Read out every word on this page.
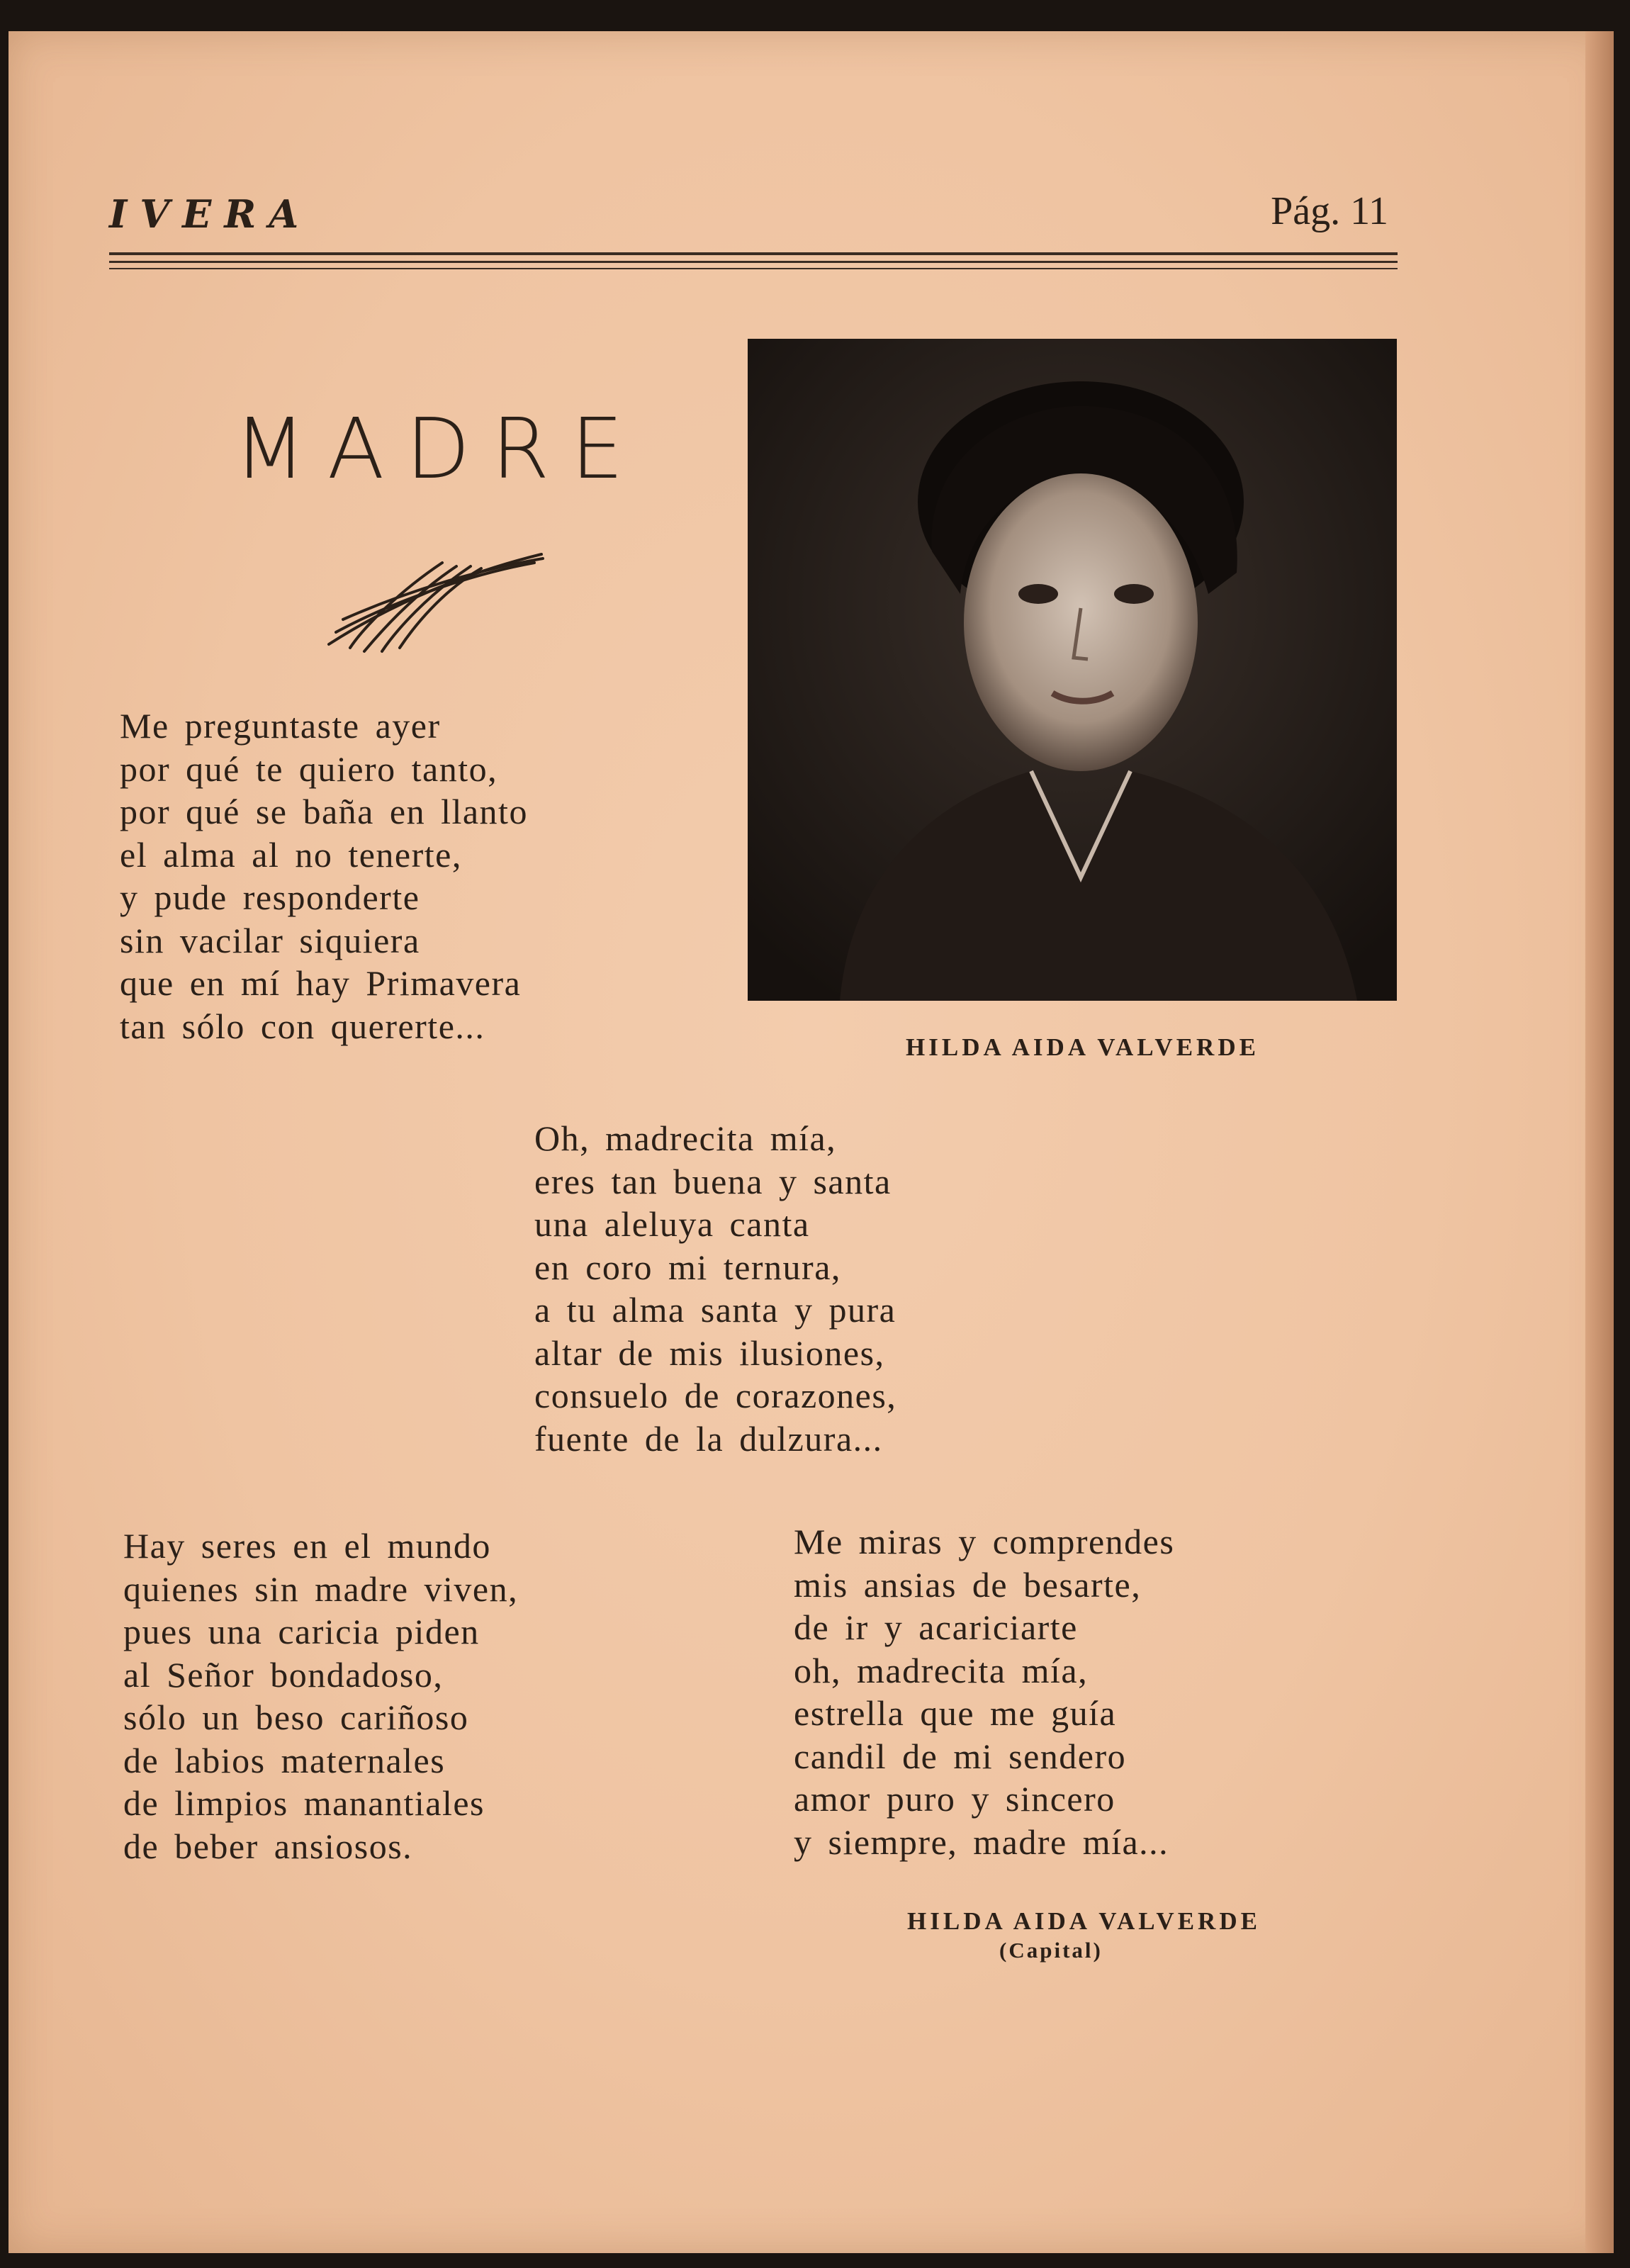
IVERA	Pág. 11
MADRE
HILDA AIDA VALVERDE
Me preguntaste ayer
por qué te quiero tanto,
por qué se baña en llanto
el alma al no tenerte,
y pude responderte
sin vacilar siquiera
que en mí hay Primavera
tan sólo con quererte...
Oh, madrecita mía,
eres tan buena y santa
una aleluya canta
en coro mi ternura,
a tu alma santa y pura
altar de mis ilusiones,
consuelo de corazones,
fuente de la dulzura...
Hay seres en el mundo
quienes sin madre viven,
pues una caricia piden
al Señor bondadoso,
sólo un beso cariñoso
de labios maternales
de limpios manantiales
de beber ansiosos.
Me miras y comprendes
mis ansias de besarte,
de ir y acariciarte
oh, madrecita mía,
estrella que me guía
candil de mi sendero
amor puro y sincero
y siempre, madre mía...
HILDA AIDA VALVERDE
(Capital)
